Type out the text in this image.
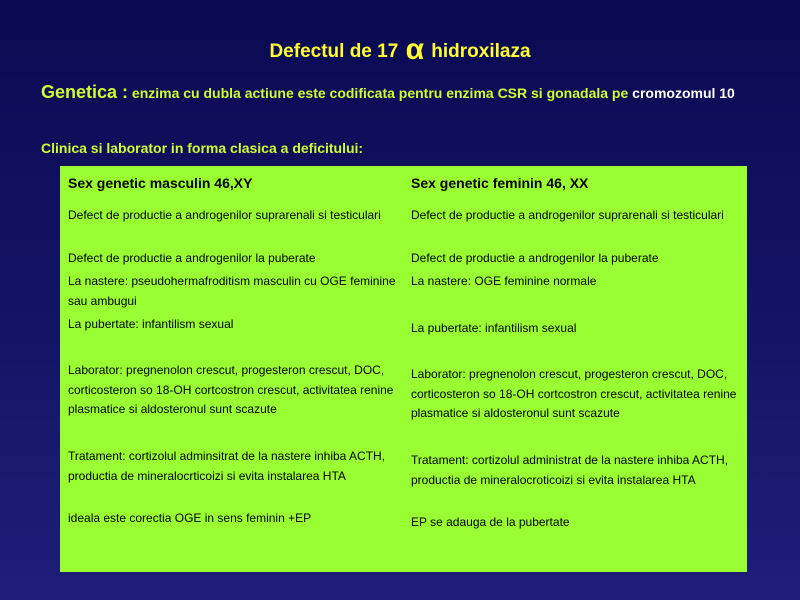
Defectul de 17 α hidroxilaza
Genetica : enzima cu dubla actiune este codificata pentru enzima CSR si gonadala pe cromozomul 10
Clinica si laborator in forma clasica a deficitului:
Sex genetic masculin 46,XY
Defect de productie a androgenilor suprarenali si testiculari
Defect de productie a androgenilor la puberate
La nastere: pseudohermafroditism masculin cu OGE feminine sau ambugui
La pubertate: infantilism sexual
Laborator: pregnenolon crescut, progesteron crescut, DOC, corticosteron so 18-OH cortcostron crescut, activitatea renine plasmatice si aldosteronul sunt scazute
Tratament: cortizolul adminsitrat de la nastere inhiba ACTH, productia de mineralocrticoizi si evita instalarea HTA
ideala este corectia OGE in sens feminin +EP
Sex genetic feminin 46, XX
Defect de productie a androgenilor suprarenali si testiculari
Defect de productie a androgenilor la puberate
La nastere: OGE feminine normale
La pubertate: infantilism sexual
Laborator: pregnenolon crescut, progesteron crescut, DOC, corticosteron so 18-OH cortcostron crescut, activitatea renine plasmatice si aldosteronul sunt scazute
Tratament: cortizolul administrat de la nastere inhiba ACTH, productia de mineralocroticoizi si evita instalarea HTA
EP se adauga de la pubertate
